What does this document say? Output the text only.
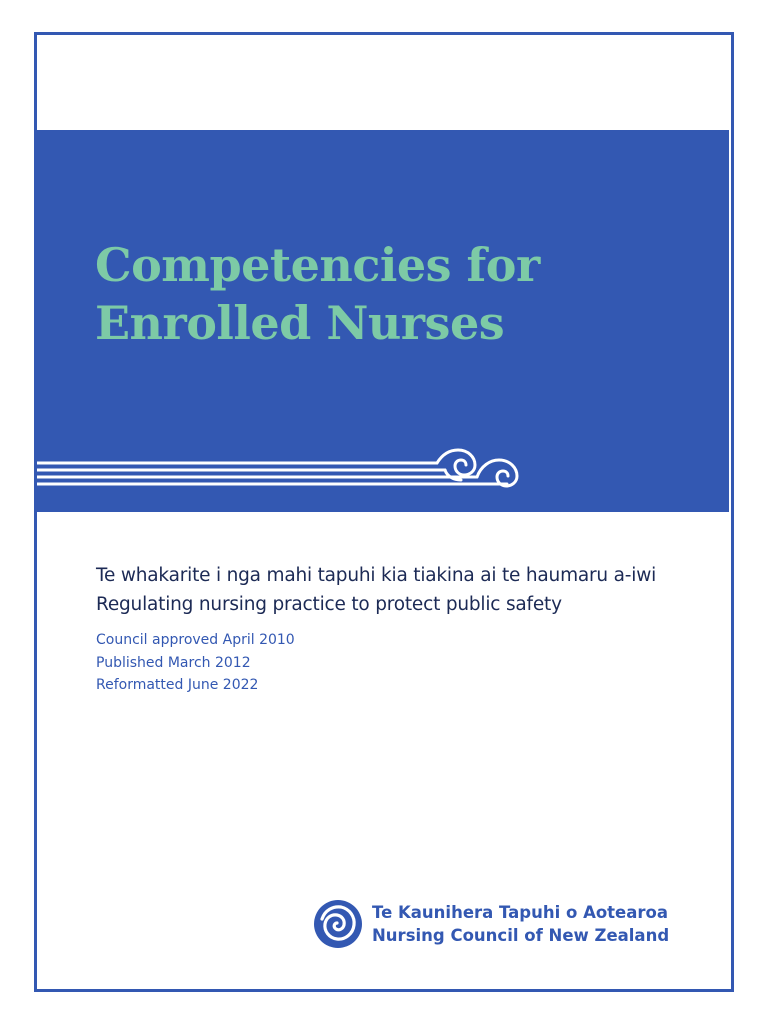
Competencies for
Enrolled Nurses

Te whakarite i nga mahi tapuhi kia tiakina ai te haumaru a-iwi
Regulating nursing practice to protect public safety

Council approved April 2010
Published March 2012
Reformatted June 2022

Te Kaunihera Tapuhi o Aotearoa
Nursing Council of New Zealand
